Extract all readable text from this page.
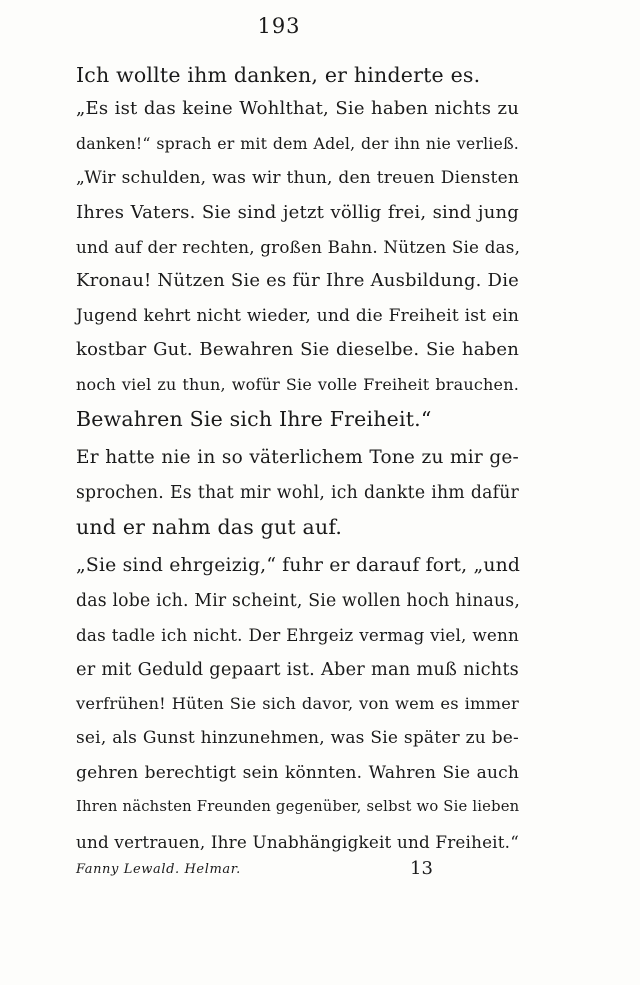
193
Ich wollte ihm danken, er hinderte es.
„Es ist das keine Wohlthat, Sie haben nichts zu
danken!“ sprach er mit dem Adel, der ihn nie verließ.
„Wir schulden, was wir thun, den treuen Diensten
Ihres Vaters. Sie sind jetzt völlig frei, sind jung
und auf der rechten, großen Bahn. Nützen Sie das,
Kronau! Nützen Sie es für Ihre Ausbildung. Die
Jugend kehrt nicht wieder, und die Freiheit ist ein
kostbar Gut. Bewahren Sie dieselbe. Sie haben
noch viel zu thun, wofür Sie volle Freiheit brauchen.
Bewahren Sie sich Ihre Freiheit.“
Er hatte nie in so väterlichem Tone zu mir ge-
sprochen. Es that mir wohl, ich dankte ihm dafür
und er nahm das gut auf.
„Sie sind ehrgeizig,“ fuhr er darauf fort, „und
das lobe ich. Mir scheint, Sie wollen hoch hinaus,
das tadle ich nicht. Der Ehrgeiz vermag viel, wenn
er mit Geduld gepaart ist. Aber man muß nichts
verfrühen! Hüten Sie sich davor, von wem es immer
sei, als Gunst hinzunehmen, was Sie später zu be-
gehren berechtigt sein könnten. Wahren Sie auch
Ihren nächsten Freunden gegenüber, selbst wo Sie lieben
und vertrauen, Ihre Unabhängigkeit und Freiheit.“
Fanny Lewald. Helmar.	13
